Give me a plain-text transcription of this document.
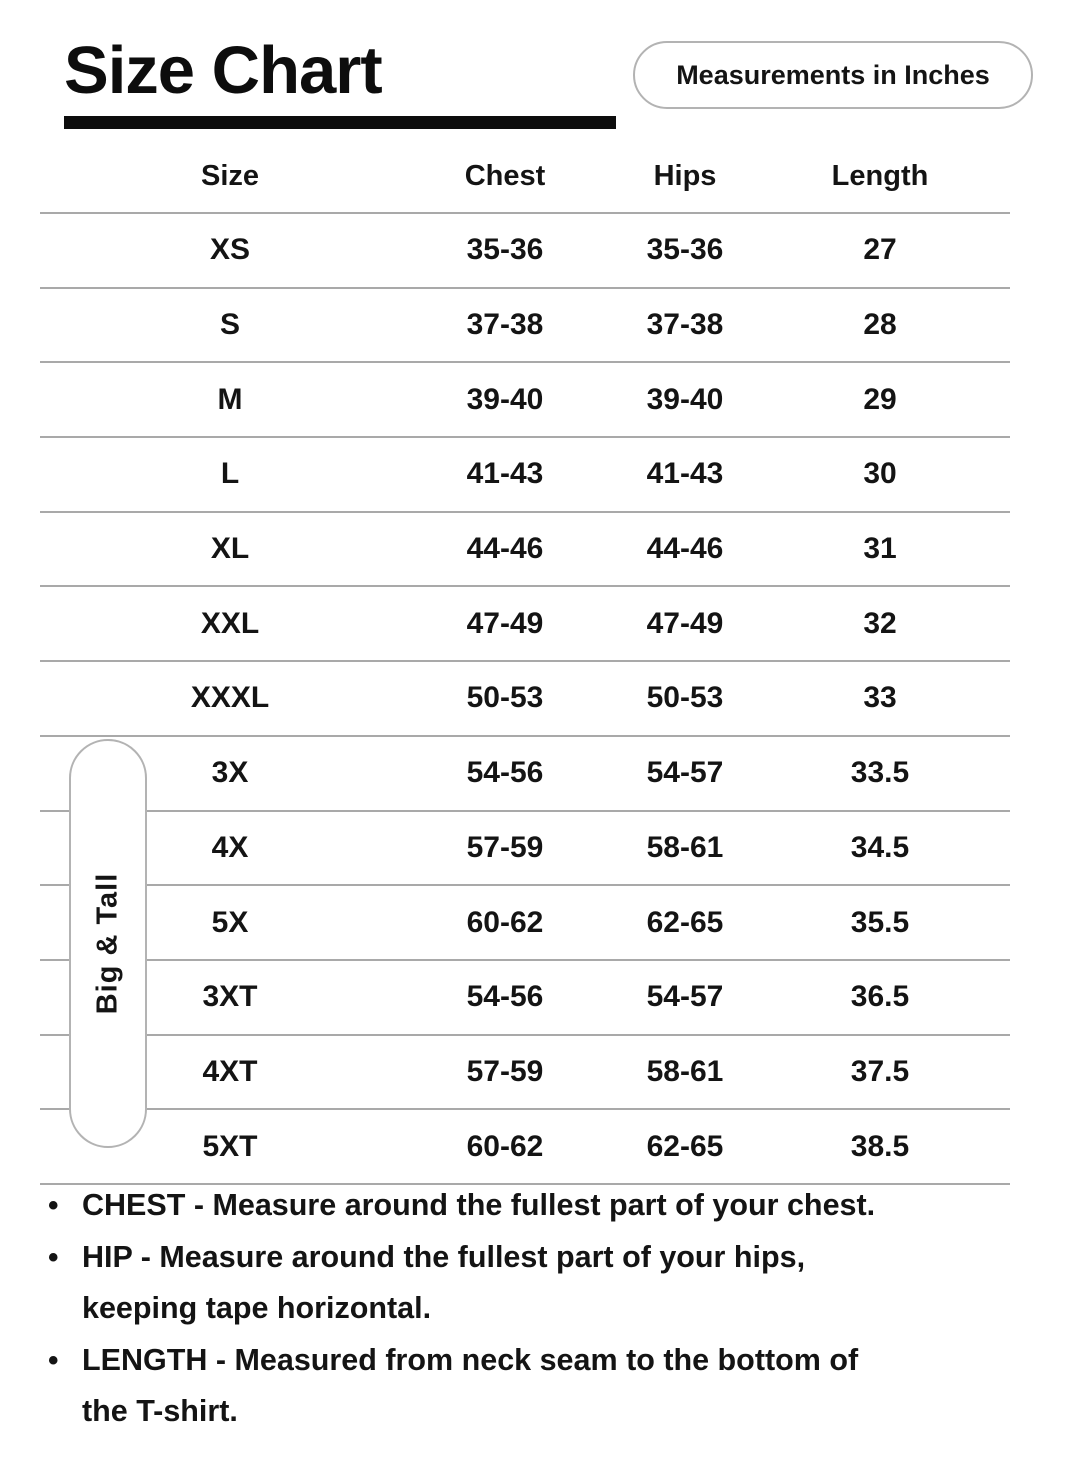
Size Chart	Measurements in Inches
Size	Chest	Hips	Length
XS	35-36	35-36	27
S	37-38	37-38	28
M	39-40	39-40	29
L	41-43	41-43	30
XL	44-46	44-46	31
XXL	47-49	47-49	32
XXXL	50-53	50-53	33
3X	54-56	54-57	33.5
4X	57-59	58-61	34.5
5X	60-62	62-65	35.5
3XT	54-56	54-57	36.5
4XT	57-59	58-61	37.5
5XT	60-62	62-65	38.5
Big & Tall
• CHEST - Measure around the fullest part of your chest.
• HIP - Measure around the fullest part of your hips,
keeping tape horizontal.
• LENGTH - Measured from neck seam to the bottom of
the T-shirt.
